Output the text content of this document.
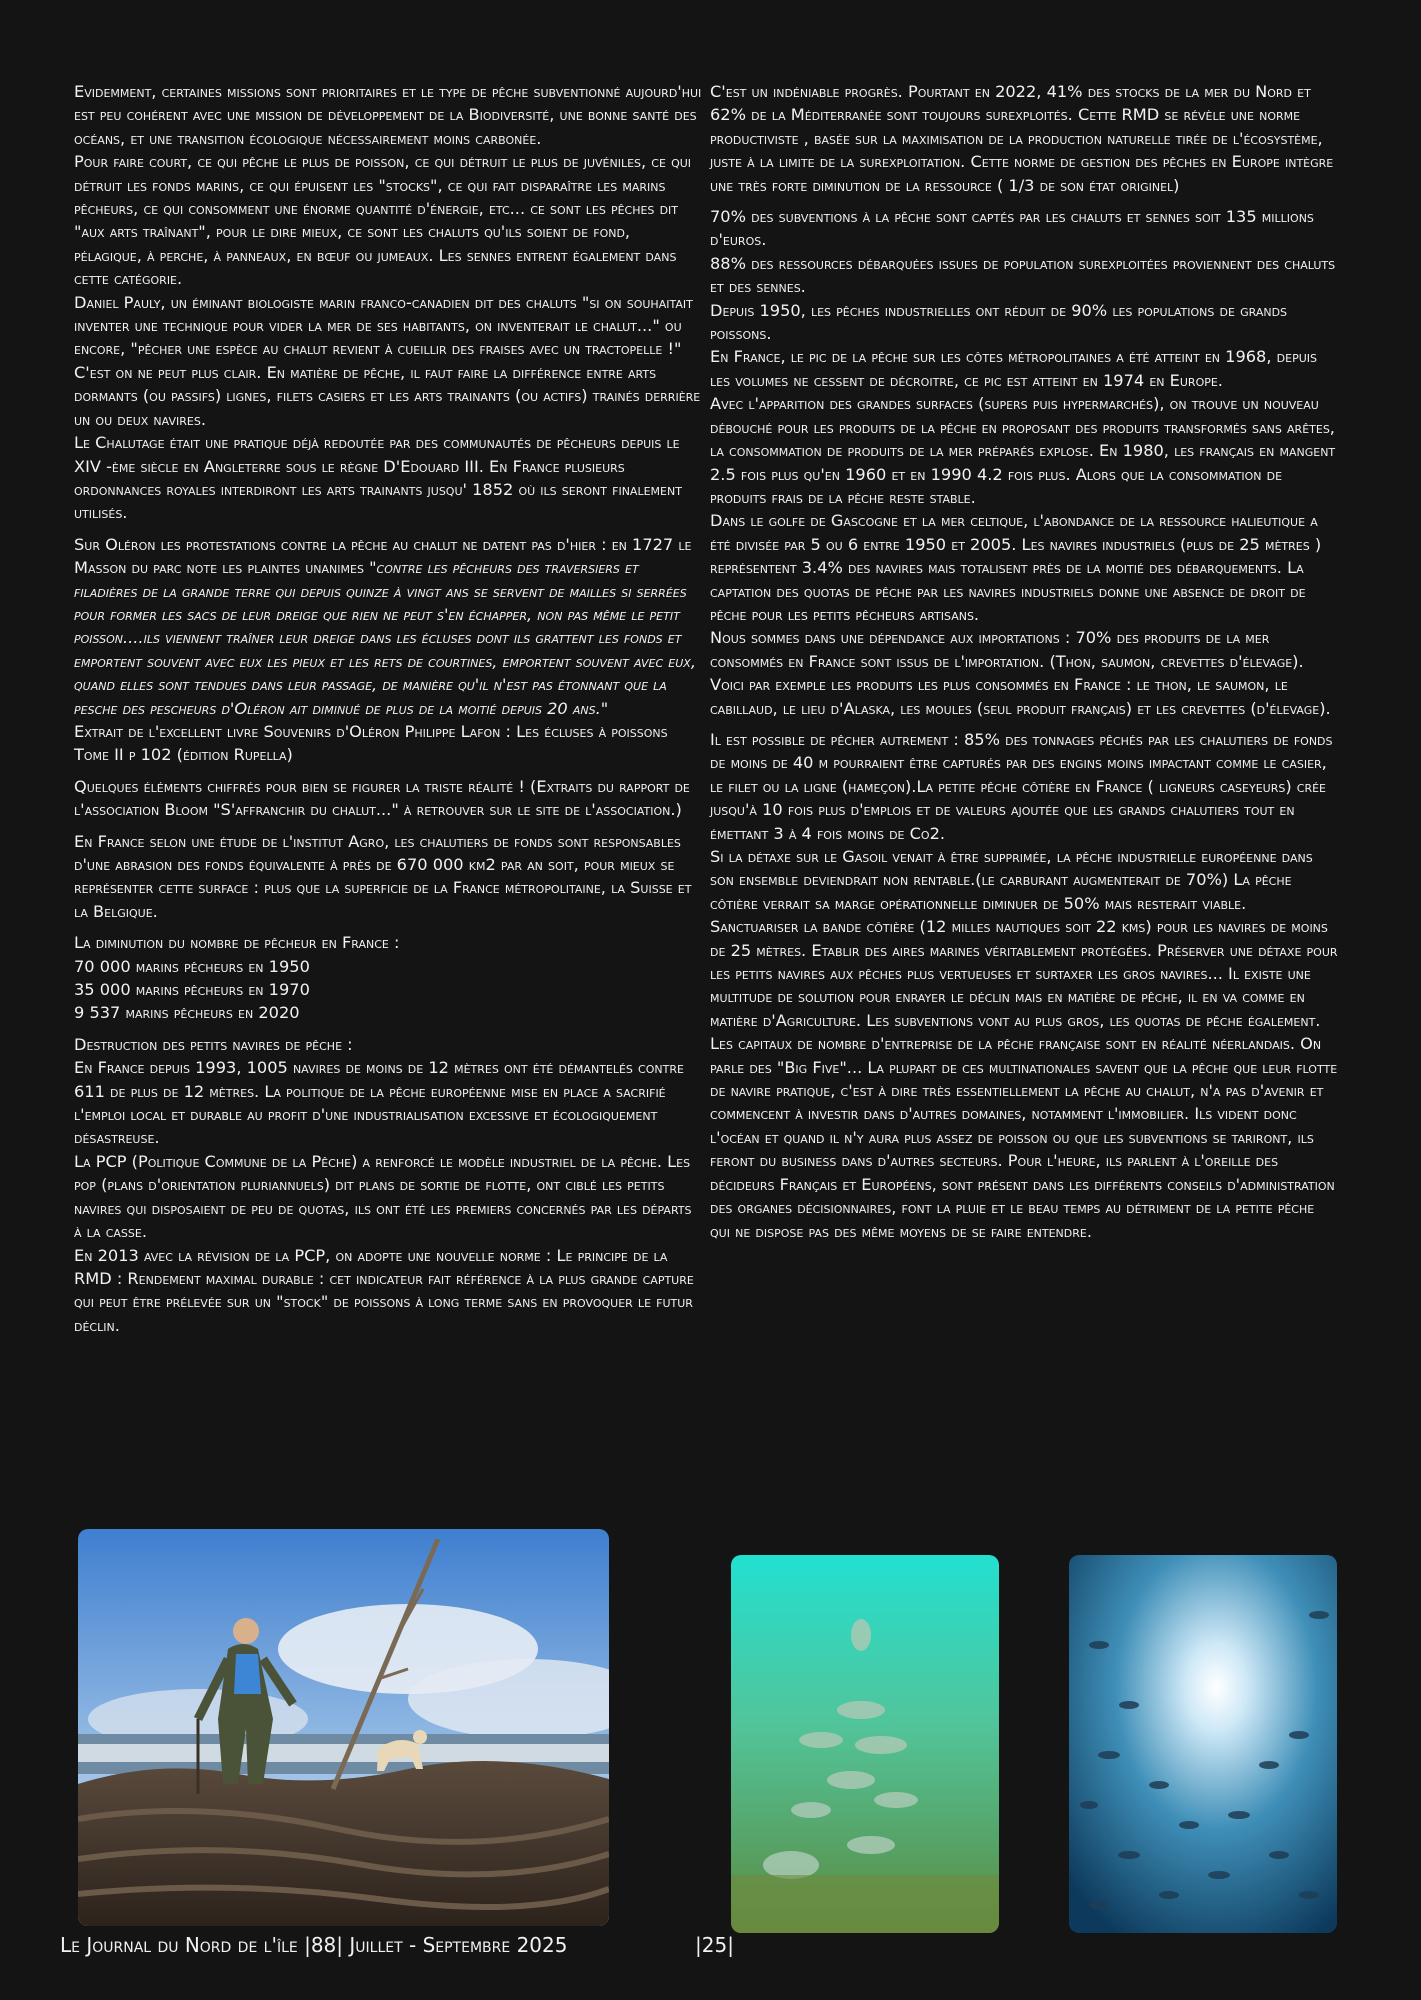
Evidemment, certaines missions sont prioritaires et le type de pêche subventionné aujourd'hui est peu cohérent avec une mission de développement de la Biodiversité, une bonne santé des océans, et une transition écologique nécessairement moins carbonée.
Pour faire court, ce qui pêche le plus de poisson, ce qui détruit le plus de juvéniles, ce qui détruit les fonds marins, ce qui épuisent les "stocks", ce qui fait disparaître les marins pêcheurs, ce qui consomment une énorme quantité d'énergie, etc... ce sont les pêches dit "aux arts traînant", pour le dire mieux, ce sont les chaluts qu'ils soient de fond, pélagique, à perche, à panneaux, en bœuf ou jumeaux. Les sennes entrent également dans cette catégorie.
Daniel Pauly, un éminant biologiste marin franco-canadien dit des chaluts "si on souhaitait inventer une technique pour vider la mer de ses habitants, on inventerait le chalut..." ou encore, "pêcher une espèce au chalut revient à cueillir des fraises avec un tractopelle !" C'est on ne peut plus clair. En matière de pêche, il faut faire la différence entre arts dormants (ou passifs) lignes, filets casiers et les arts trainants (ou actifs) trainés derrière un ou deux navires.
Le Chalutage était une pratique déjà redoutée par des communautés de pêcheurs depuis le XIV -ème siècle en Angleterre sous le règne D'Edouard III. En France plusieurs ordonnances royales interdiront les arts trainants jusqu' 1852 où ils seront finalement utilisés.

Sur Oléron les protestations contre la pêche au chalut ne datent pas d'hier : en 1727 le Masson du parc note les plaintes unanimes "contre les pêcheurs des traversiers et filadières de la grande terre qui depuis quinze à vingt ans se servent de mailles si serrées pour former les sacs de leur dreige que rien ne peut s'en échapper, non pas même le petit poisson....ils viennent traîner leur dreige dans les écluses dont ils grattent les fonds et emportent souvent avec eux les pieux et les rets de courtines, emportent souvent avec eux, quand elles sont tendues dans leur passage, de manière qu'il n'est pas étonnant que la pesche des pescheurs d'Oléron ait diminué de plus de la moitié depuis 20 ans."
Extrait de l'excellent livre Souvenirs d'Oléron Philippe Lafon : Les écluses à poissons Tome II p 102 (édition Rupella)

Quelques éléments chiffrés pour bien se figurer la triste réalité ! (Extraits du rapport de l'association Bloom "S'affranchir du chalut..." à retrouver sur le site de l'association.)

En France selon une étude de l'institut Agro, les chalutiers de fonds sont responsables d'une abrasion des fonds équivalente à près de 670 000 km2 par an soit, pour mieux se représenter cette surface : plus que la superficie de la France métropolitaine, la Suisse et la Belgique.

La diminution du nombre de pêcheur en France :
70 000 marins pêcheurs en 1950
35 000 marins pêcheurs en 1970
9 537 marins pêcheurs en 2020

Destruction des petits navires de pêche :
En France depuis 1993, 1005 navires de moins de 12 mètres ont été démantelés contre 611 de plus de 12 mètres. La politique de la pêche européenne mise en place a sacrifié l'emploi local et durable au profit d'une industrialisation excessive et écologiquement désastreuse.
La PCP (Politique Commune de la Pêche) a renforcé le modèle industriel de la pêche. Les pop (plans d'orientation pluriannuels) dit plans de sortie de flotte, ont ciblé les petits navires qui disposaient de peu de quotas, ils ont été les premiers concernés par les départs à la casse.
En 2013 avec la révision de la PCP, on adopte une nouvelle norme : Le principe de la RMD : Rendement maximal durable : cet indicateur fait référence à la plus grande capture qui peut être prélevée sur un "stock" de poissons à long terme sans en provoquer le futur déclin.

C'est un indéniable progrès. Pourtant en 2022, 41% des stocks de la mer du Nord et 62% de la Méditerranée sont toujours surexploités. Cette RMD se révèle une norme productiviste , basée sur la maximisation de la production naturelle tirée de l'écosystème, juste à la limite de la surexploitation. Cette norme de gestion des pêches en Europe intègre une très forte diminution de la ressource ( 1/3 de son état originel)

70% des subventions à la pêche sont captés par les chaluts et sennes soit 135 millions d'euros.
88% des ressources débarquées issues de population surexploitées proviennent des chaluts et des sennes.
Depuis 1950, les pêches industrielles ont réduit de 90% les populations de grands poissons.
En France, le pic de la pêche sur les côtes métropolitaines a été atteint en 1968, depuis les volumes ne cessent de décroitre, ce pic est atteint en 1974 en Europe.
Avec l'apparition des grandes surfaces (supers puis hypermarchés), on trouve un nouveau débouché pour les produits de la pêche en proposant des produits transformés sans arêtes, la consommation de produits de la mer préparés explose. En 1980, les français en mangent 2.5 fois plus qu'en 1960 et en 1990 4.2 fois plus. Alors que la consommation de produits frais de la pêche reste stable.
Dans le golfe de Gascogne et la mer celtique, l'abondance de la ressource halieutique a été divisée par 5 ou 6 entre 1950 et 2005. Les navires industriels (plus de 25 mètres ) représentent 3.4% des navires mais totalisent près de la moitié des débarquements. La captation des quotas de pêche par les navires industriels donne une absence de droit de pêche pour les petits pêcheurs artisans.
Nous sommes dans une dépendance aux importations : 70% des produits de la mer consommés en France sont issus de l'importation. (Thon, saumon, crevettes d'élevage). Voici par exemple les produits les plus consommés en France : le thon, le saumon, le cabillaud, le lieu d'Alaska, les moules (seul produit français) et les crevettes (d'élevage).

Il est possible de pêcher autrement : 85% des tonnages pêchés par les chalutiers de fonds de moins de 40 m pourraient être capturés par des engins moins impactant comme le casier, le filet ou la ligne (hameçon).La petite pêche côtière en France ( ligneurs caseyeurs) crée jusqu'à 10 fois plus d'emplois et de valeurs ajoutée que les grands chalutiers tout en émettant 3 à 4 fois moins de Co2.
Si la détaxe sur le Gasoil venait à être supprimée, la pêche industrielle européenne dans son ensemble deviendrait non rentable.(le carburant augmenterait de 70%) La pêche côtière verrait sa marge opérationnelle diminuer de 50% mais resterait viable.
Sanctuariser la bande côtière (12 milles nautiques soit 22 kms) pour les navires de moins de 25 mètres. Etablir des aires marines véritablement protégées. Préserver une détaxe pour les petits navires aux pêches plus vertueuses et surtaxer les gros navires... Il existe une multitude de solution pour enrayer le déclin mais en matière de pêche, il en va comme en matière d'Agriculture. Les subventions vont au plus gros, les quotas de pêche également. Les capitaux de nombre d'entreprise de la pêche française sont en réalité néerlandais. On parle des "Big Five"... La plupart de ces multinationales savent que la pêche que leur flotte de navire pratique, c'est à dire très essentiellement la pêche au chalut, n'a pas d'avenir et commencent à investir dans d'autres domaines, notamment l'immobilier. Ils vident donc l'océan et quand il n'y aura plus assez de poisson ou que les subventions se tariront, ils feront du business dans d'autres secteurs. Pour l'heure, ils parlent à l'oreille des décideurs Français et Européens, sont présent dans les différents conseils d'administration des organes décisionnaires, font la pluie et le beau temps au détriment de la petite pêche qui ne dispose pas des même moyens de se faire entendre.

Le Journal du Nord de l'île |88| Juillet - Septembre 2025	|25|
